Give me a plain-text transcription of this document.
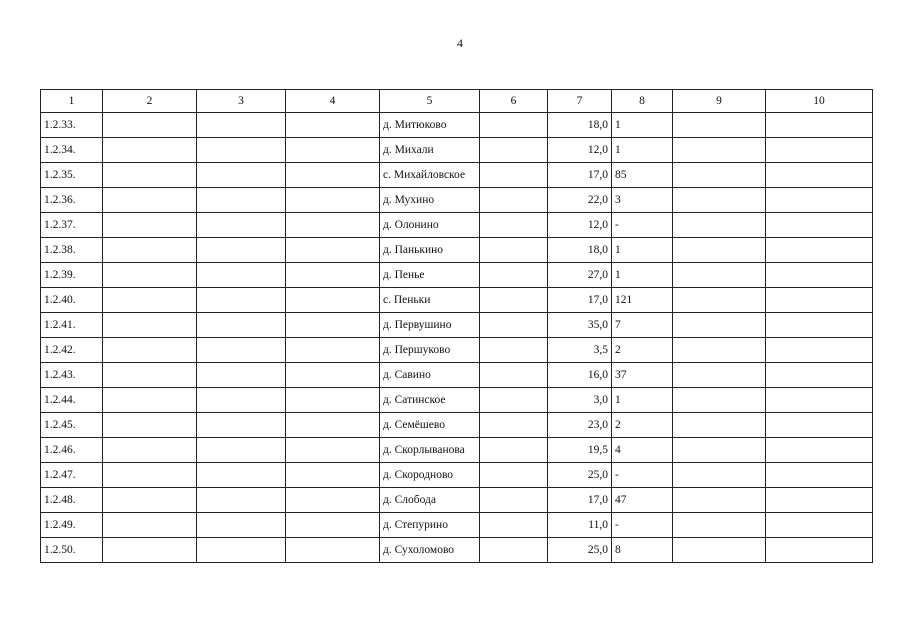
4
1	2	3	4	5	6	7	8	9	10
1.2.33.				д. Митюково		18,0	1		
1.2.34.				д. Михали		12,0	1		
1.2.35.				с. Михайловское		17,0	85		
1.2.36.				д. Мухино		22,0	3		
1.2.37.				д. Олонино		12,0	-		
1.2.38.				д. Панькино		18,0	1		
1.2.39.				д. Пенье		27,0	1		
1.2.40.				с. Пеньки		17,0	121		
1.2.41.				д. Первушино		35,0	7		
1.2.42.				д. Першуково		3,5	2		
1.2.43.				д. Савино		16,0	37		
1.2.44.				д. Сатинское		3,0	1		
1.2.45.				д. Семёшево		23,0	2		
1.2.46.				д. Скорлыванова		19,5	4		
1.2.47.				д. Скородново		25,0	-		
1.2.48.				д. Слобода		17,0	47		
1.2.49.				д. Степурино		11,0	-		
1.2.50.				д. Сухоломово		25,0	8		
